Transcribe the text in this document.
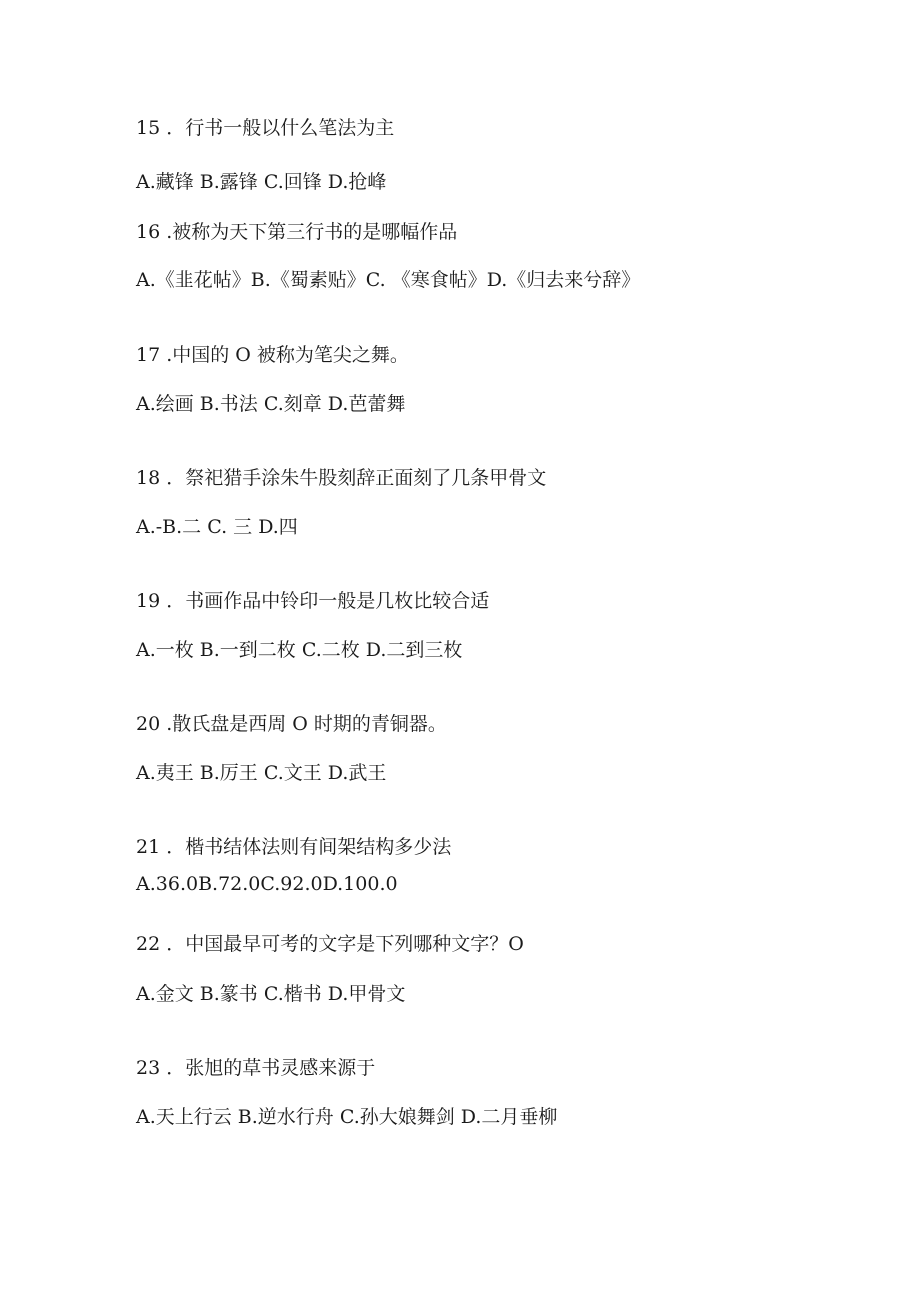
15 ．行书一般以什么笔法为主
A.藏锋 B.露锋 C.回锋 D.抢峰
16 .被称为天下第三行书的是哪幅作品
A.《韭花帖》B.《蜀素贴》C. 《寒食帖》D.《归去来兮辞》
17 .中国的 O 被称为笔尖之舞。
A.绘画 B.书法 C.刻章 D.芭蕾舞
18 ．祭祀猎手涂朱牛股刻辞正面刻了几条甲骨文
A.-B.二 C. 三 D.四
19 ．书画作品中铃印一般是几枚比较合适
A.一枚 B.一到二枚 C.二枚 D.二到三枚
20 .散氏盘是西周 O 时期的青铜器。
A.夷王 B.厉王 C.文王 D.武王
21 ．楷书结体法则有间架结构多少法
A.36.0B.72.0C.92.0D.100.0
22 ．中国最早可考的文字是下列哪种文字？O
A.金文 B.篆书 C.楷书 D.甲骨文
23 ．张旭的草书灵感来源于
A.天上行云 B.逆水行舟 C.孙大娘舞剑 D.二月垂柳
